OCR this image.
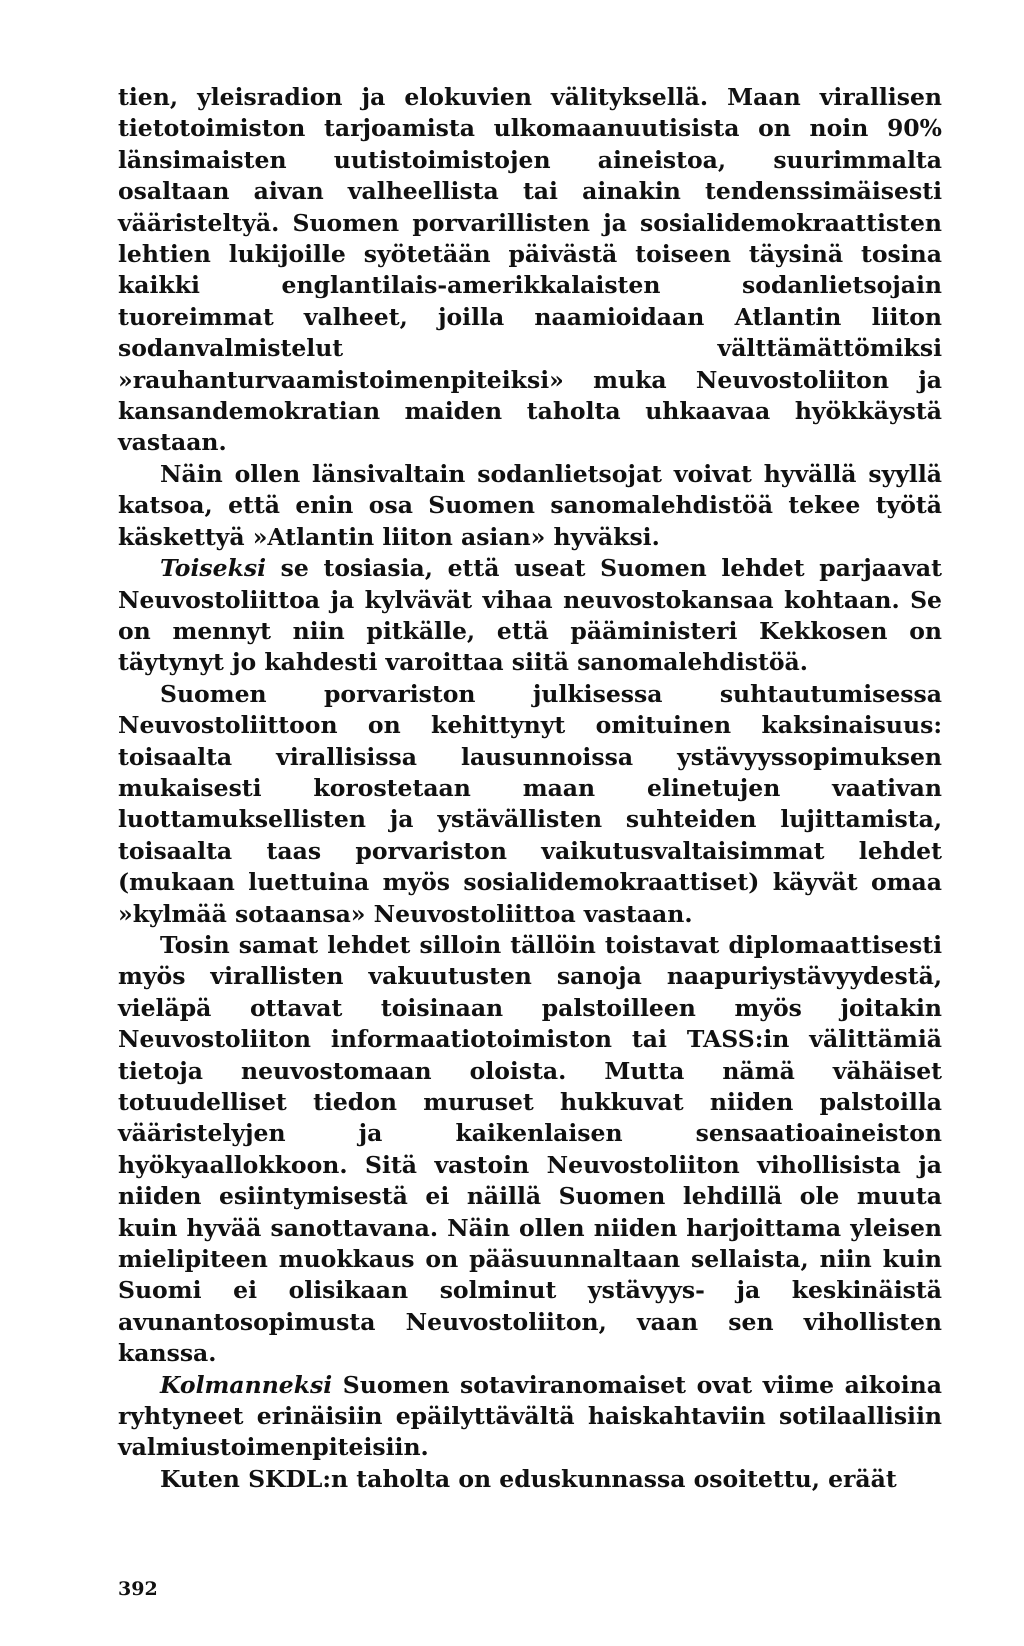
tien, yleisradion ja elokuvien välityksellä. Maan virallisen tietotoimiston tarjoamista ulkomaanuutisista on noin 90% länsimaisten uutistoimistojen aineistoa, suurimmalta osaltaan aivan valheellista tai ainakin tendenssimäisesti vääristeltyä. Suomen porvarillisten ja sosialidemokraattisten lehtien lukijoille syötetään päivästä toiseen täysinä tosina kaikki englantilais-amerikkalaisten sodanlietsojain tuoreimmat valheet, joilla naamioidaan Atlantin liiton sodanvalmistelut välttämättömiksi »rauhanturvaamistoimenpiteiksi» muka Neuvostoliiton ja kansandemokratian maiden taholta uhkaavaa hyökkäystä vastaan.

Näin ollen länsivaltain sodanlietsojat voivat hyvällä syyllä katsoa, että enin osa Suomen sanomalehdistöä tekee työtä käskettyä »Atlantin liiton asian» hyväksi.

Toiseksi se tosiasia, että useat Suomen lehdet parjaavat Neuvostoliittoa ja kylvävät vihaa neuvostokansaa kohtaan. Se on mennyt niin pitkälle, että pääministeri Kekkosen on täytynyt jo kahdesti varoittaa siitä sanomalehdistöä.

Suomen porvariston julkisessa suhtautumisessa Neuvostoliittoon on kehittynyt omituinen kaksinaisuus: toisaalta virallisissa lausunnoissa ystävyyssopimuksen mukaisesti korostetaan maan elinetujen vaativan luottamuksellisten ja ystävällisten suhteiden lujittamista, toisaalta taas porvariston vaikutusvaltaisimmat lehdet (mukaan luettuina myös sosialidemokraattiset) käyvät omaa »kylmää sotaansa» Neuvostoliittoa vastaan.

Tosin samat lehdet silloin tällöin toistavat diplomaattisesti myös virallisten vakuutusten sanoja naapuriystävyydestä, vieläpä ottavat toisinaan palstoilleen myös joitakin Neuvostoliiton informaatiotoimiston tai TASS:in välittämiä tietoja neuvostomaan oloista. Mutta nämä vähäiset totuudelliset tiedon muruset hukkuvat niiden palstoilla vääristelyjen ja kaikenlaisen sensaatioaineiston hyökyaallokkoon. Sitä vastoin Neuvostoliiton vihollisista ja niiden esiintymisestä ei näillä Suomen lehdillä ole muuta kuin hyvää sanottavana. Näin ollen niiden harjoittama yleisen mielipiteen muokkaus on pääsuunnaltaan sellaista, niin kuin Suomi ei olisikaan solminut ystävyys- ja keskinäistä avunantosopimusta Neuvostoliiton, vaan sen vihollisten kanssa.

Kolmanneksi Suomen sotaviranomaiset ovat viime aikoina ryhtyneet erinäisiin epäilyttävältä haiskahtaviin sotilaallisiin valmiustoimenpiteisiin.

Kuten SKDL:n taholta on eduskunnassa osoitettu, eräät

392
